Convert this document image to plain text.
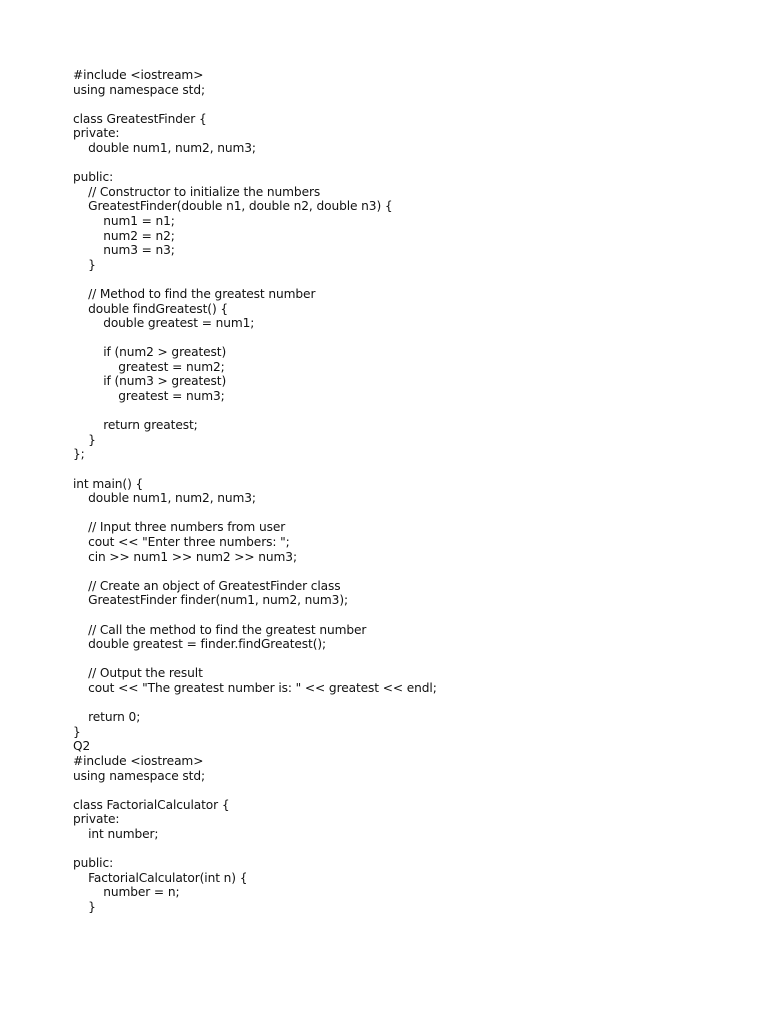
#include <iostream>
using namespace std;
class GreatestFinder {
private:
double num1, num2, num3;
public:
// Constructor to initialize the numbers
GreatestFinder(double n1, double n2, double n3) {
num1 = n1;
num2 = n2;
num3 = n3;
}
// Method to find the greatest number
double findGreatest() {
double greatest = num1;
if (num2 > greatest)
greatest = num2;
if (num3 > greatest)
greatest = num3;
return greatest;
}
};
int main() {
double num1, num2, num3;
// Input three numbers from user
cout << "Enter three numbers: ";
cin >> num1 >> num2 >> num3;
// Create an object of GreatestFinder class
GreatestFinder finder(num1, num2, num3);
// Call the method to find the greatest number
double greatest = finder.findGreatest();
// Output the result
cout << "The greatest number is: " << greatest << endl;
return 0;
}
Q2
#include <iostream>
using namespace std;
class FactorialCalculator {
private:
int number;
public:
FactorialCalculator(int n) {
number = n;
}
